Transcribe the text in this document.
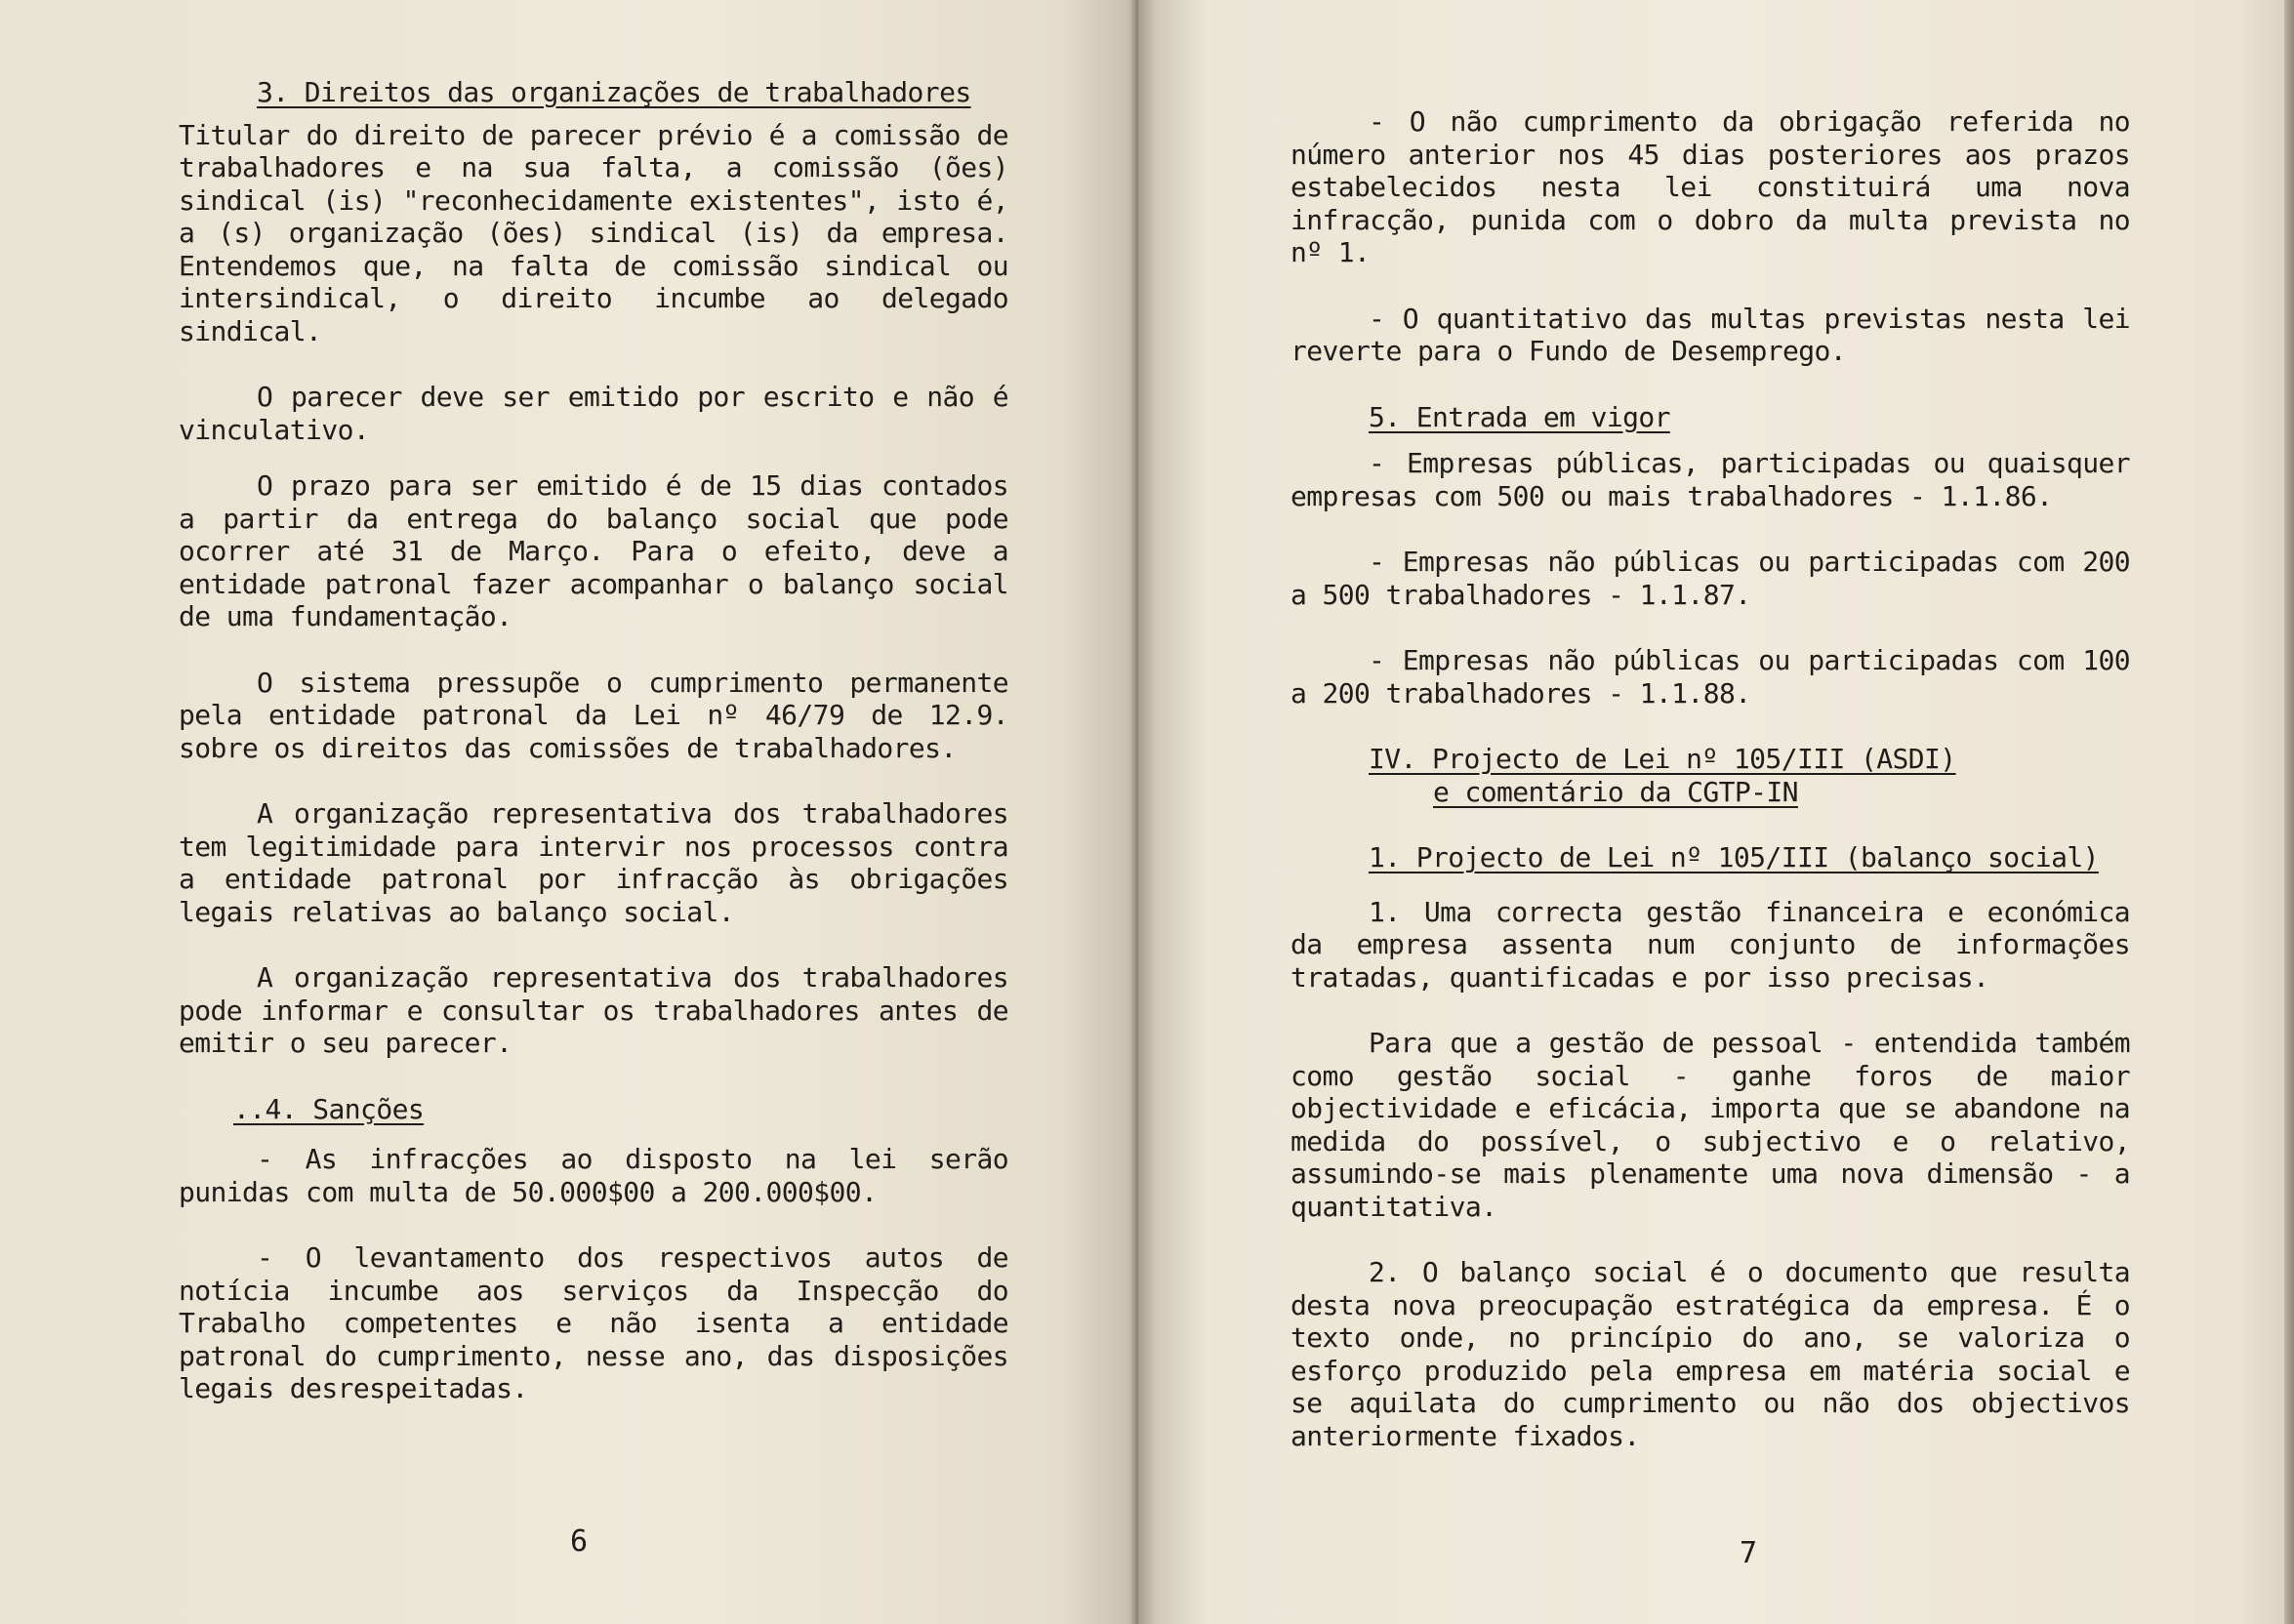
3. Direitos das organizações de trabalhadores

Titular do direito de parecer prévio é a comissão de trabalhadores e na sua falta, a comissão (ões) sindical (is) "reconhecidamente existentes", isto é, a (s) organização (ões) sindical (is) da empresa. Entendemos que, na falta de comissão sindical ou intersindical, o direito incumbe ao delegado sindical.

O parecer deve ser emitido por escrito e não é vinculativo.

O prazo para ser emitido é de 15 dias contados a partir da entrega do balanço social que pode ocorrer até 31 de Março. Para o efeito, deve a entidade patronal fazer acompanhar o balanço social de uma fundamentação.

O sistema pressupõe o cumprimento permanente pela entidade patronal da Lei nº 46/79 de 12.9. sobre os direitos das comissões de trabalhadores.

A organização representativa dos trabalhadores tem legitimidade para intervir nos processos contra a entidade patronal por infracção às obrigações legais relativas ao balanço social.

A organização representativa dos trabalhadores pode informar e consultar os trabalhadores antes de emitir o seu parecer.

..4. Sanções

- As infracções ao disposto na lei serão punidas com multa de 50.000$00 a 200.000$00.

- O levantamento dos respectivos autos de notícia incumbe aos serviços da Inspecção do Trabalho competentes e não isenta a entidade patronal do cumprimento, nesse ano, das disposições legais desrespeitadas.

6

- O não cumprimento da obrigação referida no número anterior nos 45 dias posteriores aos prazos estabelecidos nesta lei constituirá uma nova infracção, punida com o dobro da multa prevista no nº 1.

- O quantitativo das multas previstas nesta lei reverte para o Fundo de Desemprego.

5. Entrada em vigor

- Empresas públicas, participadas ou quaisquer empresas com 500 ou mais trabalhadores - 1.1.86.

- Empresas não públicas ou participadas com 200 a 500 trabalhadores - 1.1.87.

- Empresas não públicas ou participadas com 100 a 200 trabalhadores - 1.1.88.

IV. Projecto de Lei nº 105/III (ASDI)

e comentário da CGTP-IN

1. Projecto de Lei nº 105/III (balanço social)

1. Uma correcta gestão financeira e económica da empresa assenta num conjunto de informações tratadas, quantificadas e por isso precisas.

Para que a gestão de pessoal - entendida também como gestão social - ganhe foros de maior objectividade e eficácia, importa que se abandone na medida do possível, o subjectivo e o relativo, assumindo-se mais plenamente uma nova dimensão - a quantitativa.

2. O balanço social é o documento que resulta desta nova preocupação estratégica da empresa. É o texto onde, no princípio do ano, se valoriza o esforço produzido pela empresa em matéria social e se aquilata do cumprimento ou não dos objectivos anteriormente fixados.

7
